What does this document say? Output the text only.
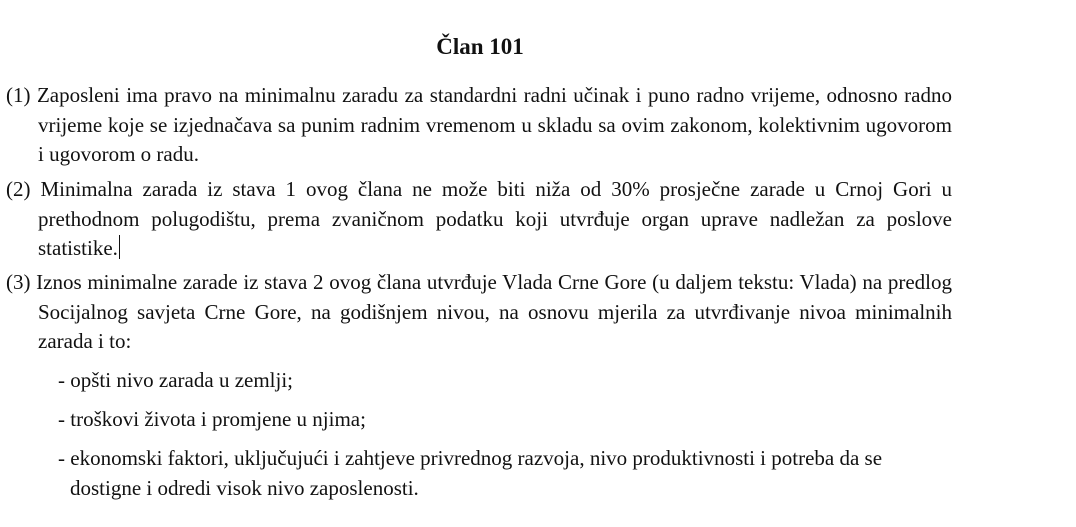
Član 101

(1) Zaposleni ima pravo na minimalnu zaradu za standardni radni učinak i puno radno vrijeme, odnosno radno vrijeme koje se izjednačava sa punim radnim vremenom u skladu sa ovim zakonom, kolektivnim ugovorom i ugovorom o radu.

(2) Minimalna zarada iz stava 1 ovog člana ne može biti niža od 30% prosječne zarade u Crnoj Gori u prethodnom polugodištu, prema zvaničnom podatku koji utvrđuje organ uprave nadležan za poslove statistike.

(3) Iznos minimalne zarade iz stava 2 ovog člana utvrđuje Vlada Crne Gore (u daljem tekstu: Vlada) na predlog Socijalnog savjeta Crne Gore, na godišnjem nivou, na osnovu mjerila za utvrđivanje nivoa minimalnih zarada i to:

- opšti nivo zarada u zemlji;

- troškovi života i promjene u njima;

- ekonomski faktori, uključujući i zahtjeve privrednog razvoja, nivo produktivnosti i potreba da se dostigne i odredi visok nivo zaposlenosti.
